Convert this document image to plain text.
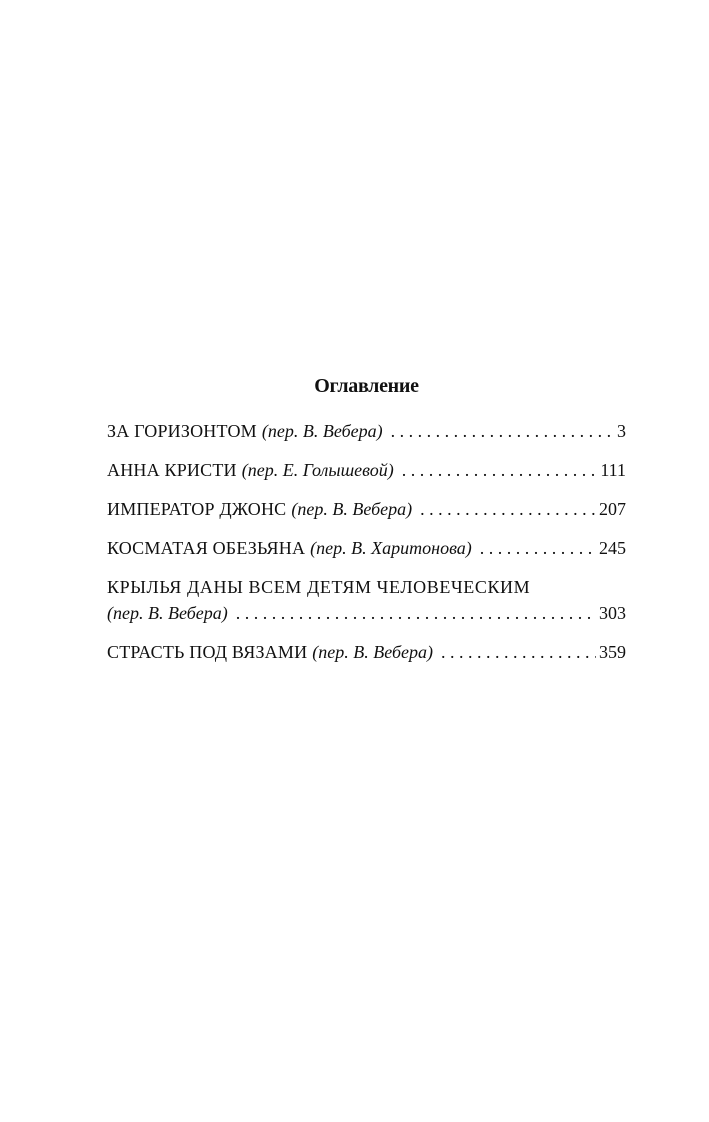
Оглавление
ЗА ГОРИЗОНТОМ (пер. В. Вебера) . . .	3
АННА КРИСТИ (пер. Е. Голышевой) . . .	111
ИМПЕРАТОР ДЖОНС (пер. В. Вебера) . . .	207
КОСМАТАЯ ОБЕЗЬЯНА (пер. В. Харитонова) . . .	245
КРЫЛЬЯ ДАНЫ ВСЕМ ДЕТЯМ ЧЕЛОВЕЧЕСКИМ
(пер. В. Вебера) . . .	303
СТРАСТЬ ПОД ВЯЗАМИ (пер. В. Вебера) . . .	359
